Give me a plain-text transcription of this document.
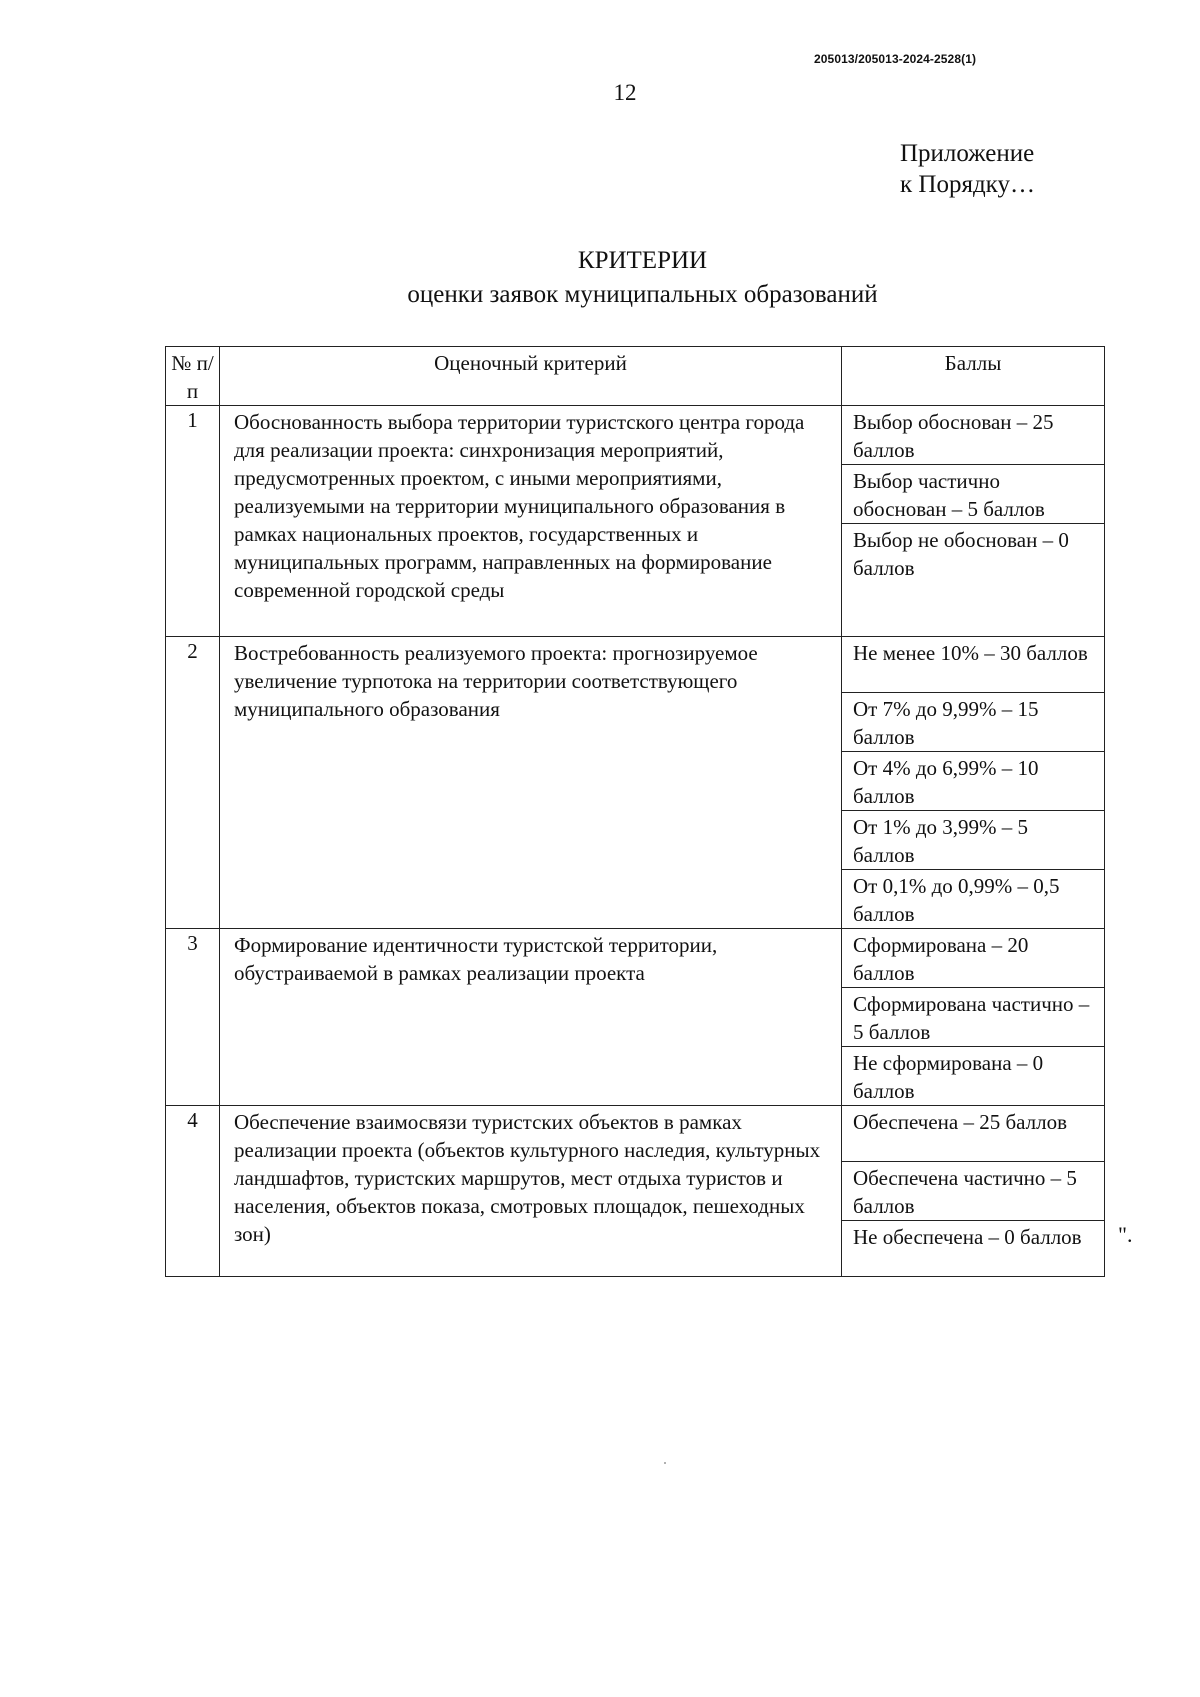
205013/205013-2024-2528(1)
12
Приложение
к Порядку…
КРИТЕРИИ
оценки заявок муниципальных образований
№ п/п	Оценочный критерий	Баллы
1	Обоснованность выбора территории туристского центра города для реализации проекта: синхронизация мероприятий, предусмотренных проектом, с иными мероприятиями, реализуемыми на территории муниципального образования в рамках национальных проектов, государственных и муниципальных программ, направленных на формирование современной городской среды	Выбор обоснован – 25 баллов
		Выбор частично обоснован – 5 баллов
		Выбор не обоснован – 0 баллов
2	Востребованность реализуемого проекта: прогнозируемое увеличение турпотока на территории соответствующего муниципального образования	Не менее 10% – 30 баллов
		От 7% до 9,99% – 15 баллов
		От 4% до 6,99% – 10 баллов
		От 1% до 3,99% – 5 баллов
		От 0,1% до 0,99% – 0,5 баллов
3	Формирование идентичности туристской территории, обустраиваемой в рамках реализации проекта	Сформирована – 20 баллов
		Сформирована частично – 5 баллов
		Не сформирована – 0 баллов
4	Обеспечение взаимосвязи туристских объектов в рамках реализации проекта (объектов культурного наследия, культурных ландшафтов, туристских маршрутов, мест отдыха туристов и населения, объектов показа, смотровых площадок, пешеходных зон)	Обеспечена – 25 баллов
		Обеспечена частично – 5 баллов
		Не обеспечена – 0 баллов ".
